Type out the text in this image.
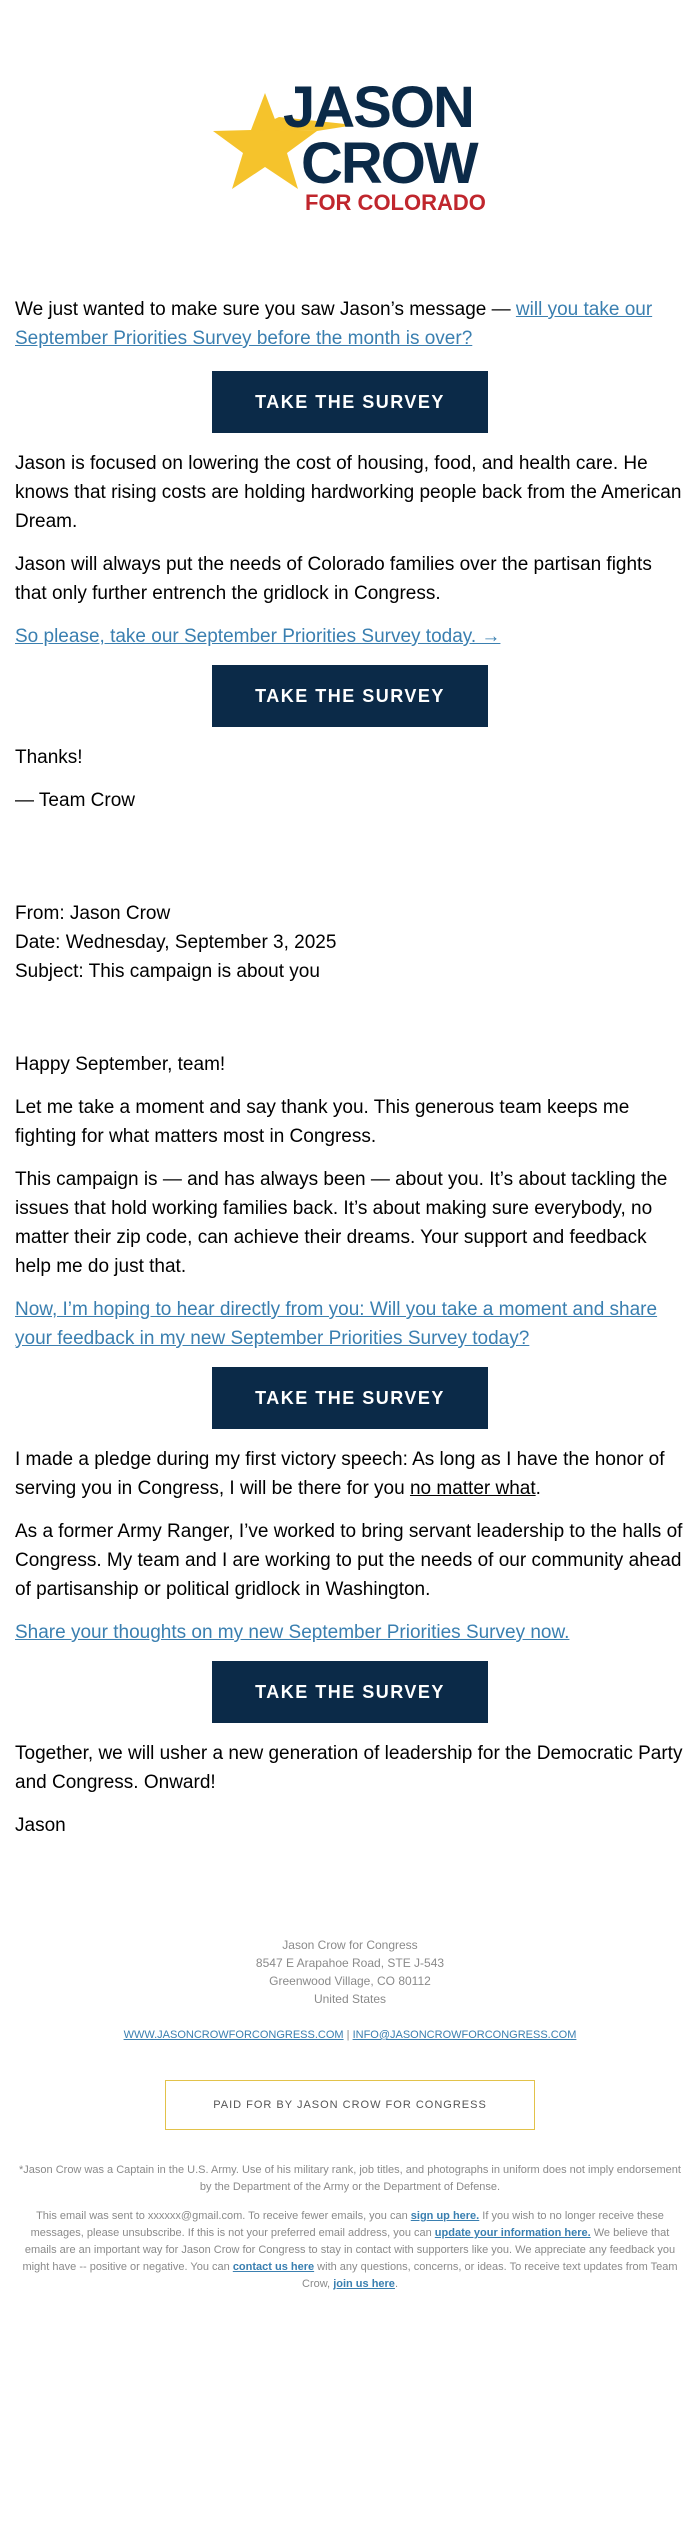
JASON
CROW
FOR COLORADO

We just wanted to make sure you saw Jason’s message — will you take our September Priorities Survey before the month is over?

TAKE THE SURVEY

Jason is focused on lowering the cost of housing, food, and health care. He knows that rising costs are holding hardworking people back from the American Dream.

Jason will always put the needs of Colorado families over the partisan fights that only further entrench the gridlock in Congress.

So please, take our September Priorities Survey today. →

TAKE THE SURVEY

Thanks!

— Team Crow

From: Jason Crow

Date: Wednesday, September 3, 2025

Subject: This campaign is about you

Happy September, team!

Let me take a moment and say thank you. This generous team keeps me fighting for what matters most in Congress.

This campaign is — and has always been — about you. It’s about tackling the issues that hold working families back. It’s about making sure everybody, no matter their zip code, can achieve their dreams. Your support and feedback help me do just that.

Now, I’m hoping to hear directly from you: Will you take a moment and share your feedback in my new September Priorities Survey today?

TAKE THE SURVEY

I made a pledge during my first victory speech: As long as I have the honor of serving you in Congress, I will be there for you no matter what.

As a former Army Ranger, I’ve worked to bring servant leadership to the halls of Congress. My team and I are working to put the needs of our community ahead of partisanship or political gridlock in Washington.

Share your thoughts on my new September Priorities Survey now.

TAKE THE SURVEY

Together, we will usher a new generation of leadership for the Democratic Party and Congress. Onward!

Jason

Jason Crow for Congress
8547 E Arapahoe Road, STE J-543
Greenwood Village, CO 80112
United States
WWW.JASONCROWFORCONGRESS.COM | INFO@JASONCROWFORCONGRESS.COM
PAID FOR BY JASON CROW FOR CONGRESS

*Jason Crow was a Captain in the U.S. Army. Use of his military rank, job titles, and photographs in uniform does not imply endorsement by the Department of the Army or the Department of Defense.

This email was sent to xxxxxx@gmail.com. To receive fewer emails, you can sign up here. If you wish to no longer receive these messages, please unsubscribe. If this is not your preferred email address, you can update your information here. We believe that emails are an important way for Jason Crow for Congress to stay in contact with supporters like you. We appreciate any feedback you might have -- positive or negative. You can contact us here with any questions, concerns, or ideas. To receive text updates from Team Crow, join us here.
